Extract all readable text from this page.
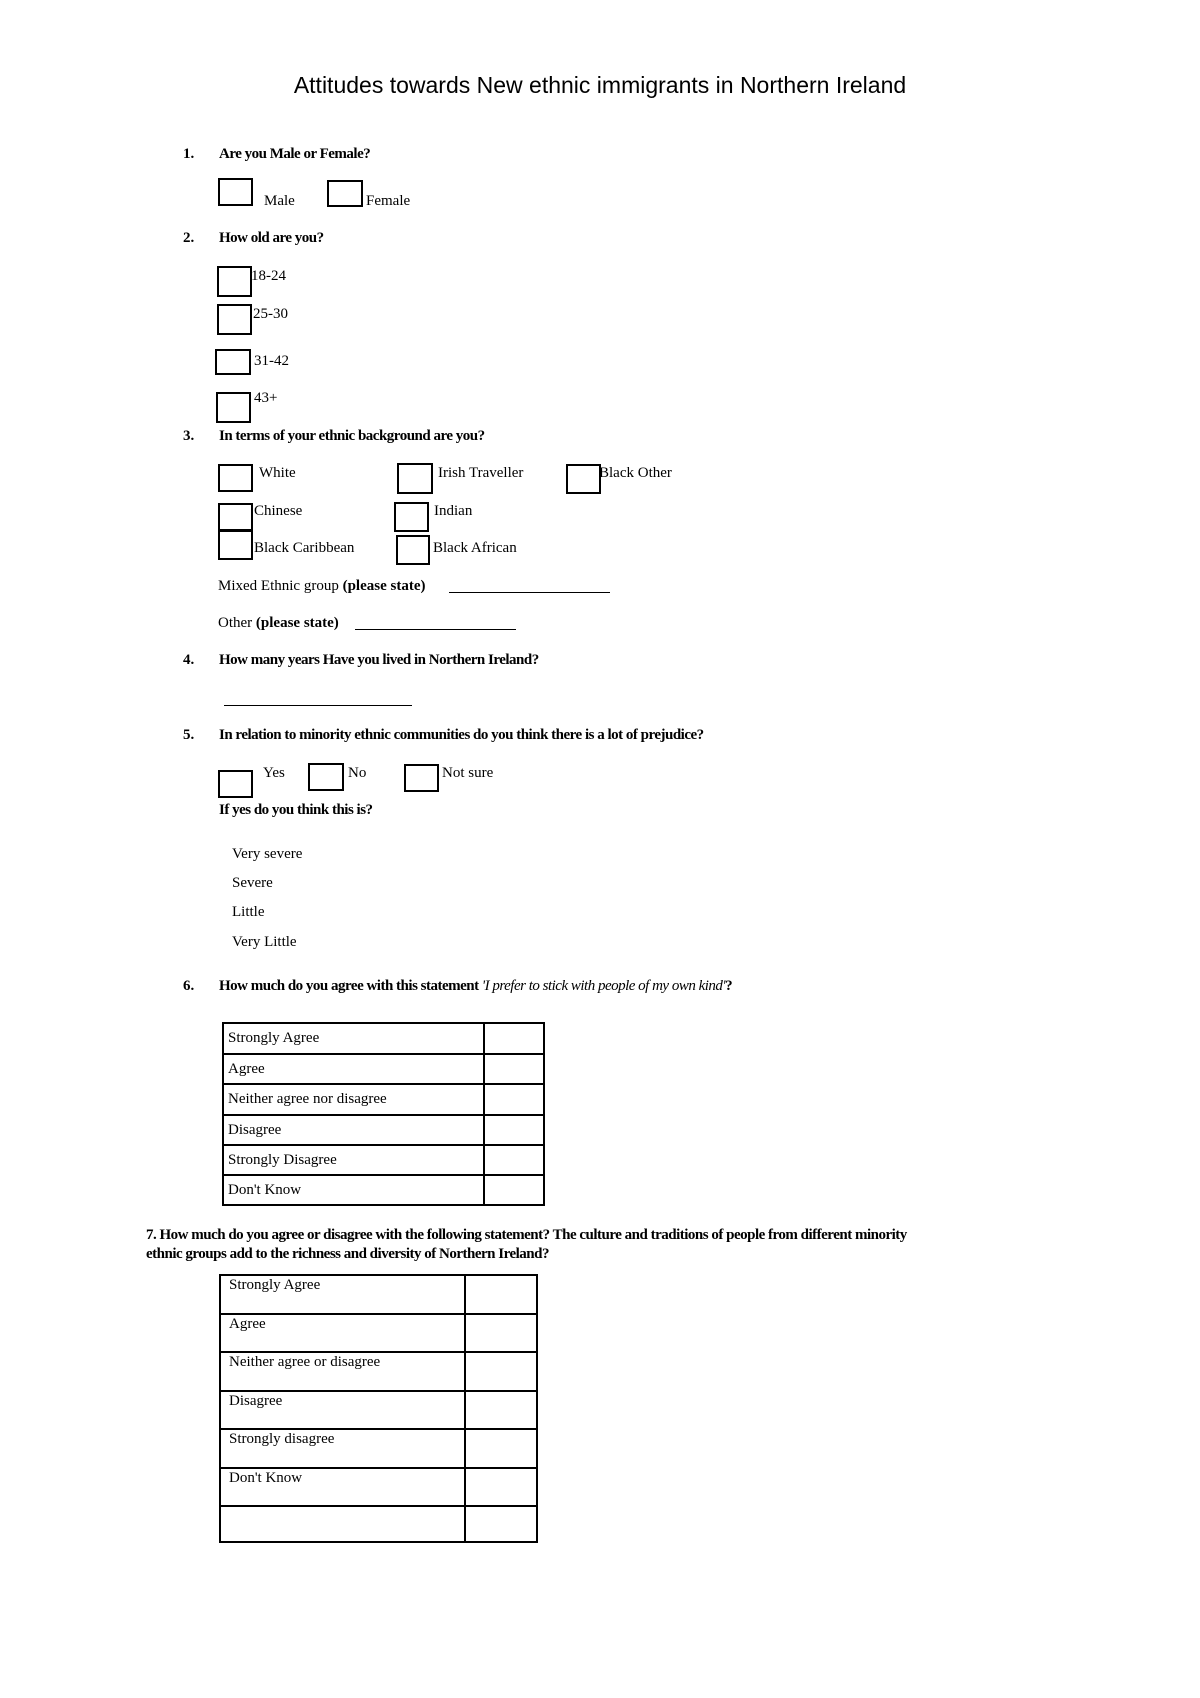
Attitudes towards New ethnic immigrants in Northern Ireland
1. Are you Male or Female?
Male	Female
2. How old are you?
18-24
25-30
31-42
43+
3. In terms of your ethnic background are you?
White	Irish Traveller	Black Other
Chinese	Indian
Black Caribbean	Black African
Mixed Ethnic group (please state)
Other (please state)
4. How many years Have you lived in Northern Ireland?
5. In relation to minority ethnic communities do you think there is a lot of prejudice?
Yes	No	Not sure
If yes do you think this is?
Very severe
Severe
Little
Very Little
6. How much do you agree with this statement 'I prefer to stick with people of my own kind'?
Strongly Agree	
Agree	
Neither agree nor disagree	
Disagree	
Strongly Disagree	
Don't Know	
7. How much do you agree or disagree with the following statement? The culture and traditions of people from different minority
ethnic groups add to the richness and diversity of Northern Ireland?
Strongly Agree	
Agree	
Neither agree or disagree	
Disagree	
Strongly disagree	
Don't Know	
